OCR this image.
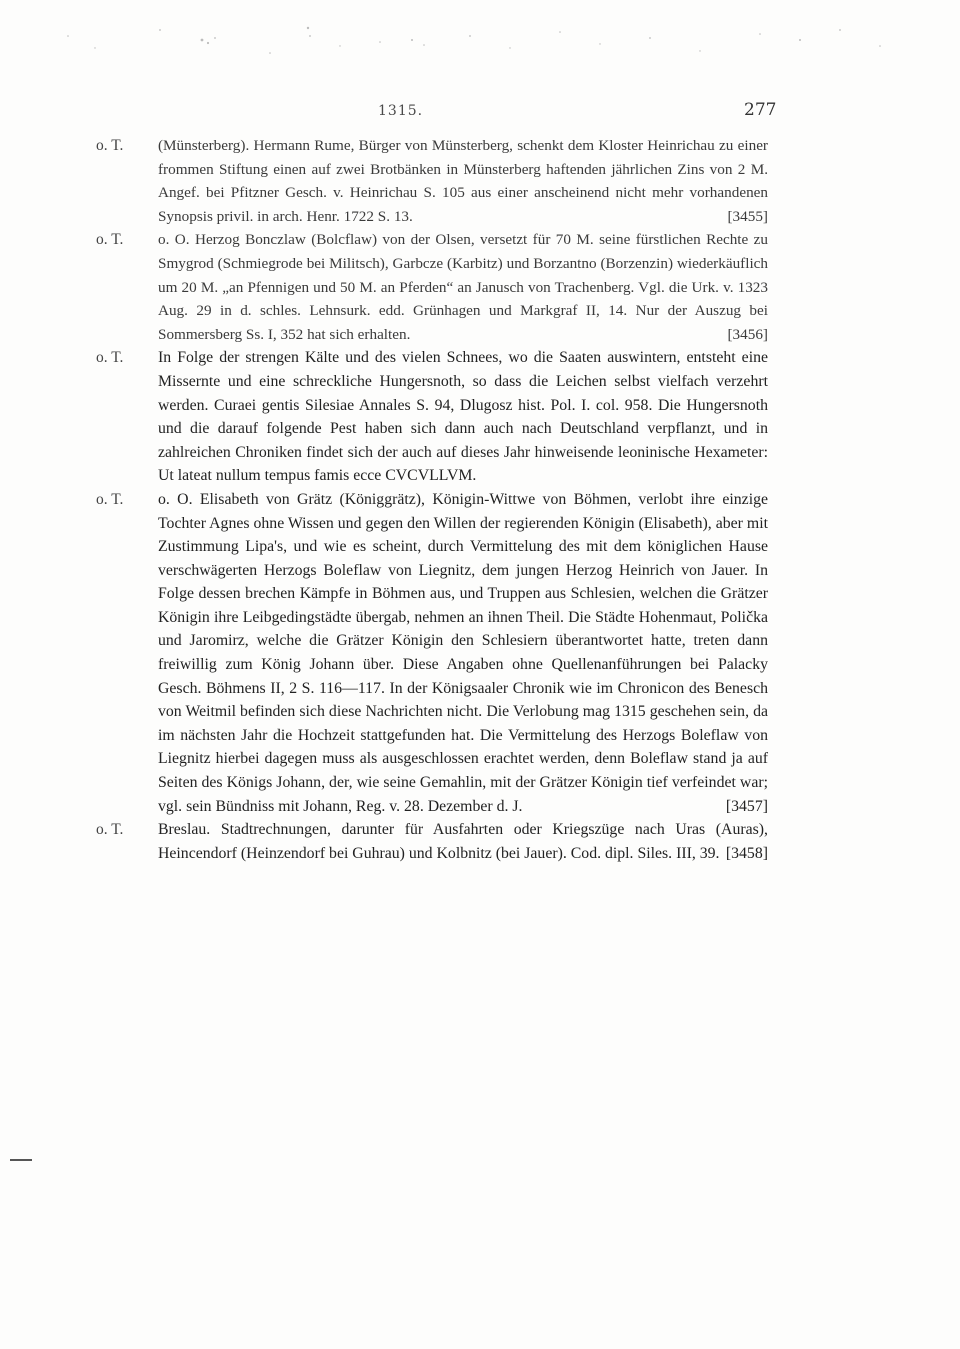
1315.	277
o. T. (Münsterberg). Hermann Rume, Bürger von Münsterberg, schenkt dem Kloster Heinrichau zu einer frommen Stiftung einen auf zwei Brotbänken in Münsterberg haftenden jährlichen Zins von 2 M. Angef. bei Pfitzner Gesch. v. Heinrichau S. 105 aus einer anscheinend nicht mehr vorhandenen Synopsis privil. in arch. Henr. 1722 S. 13.	[3455]
o. T. o. O. Herzog Bonczlaw (Bolcflaw) von der Olsen, versetzt für 70 M. seine fürstlichen Rechte zu Smygrod (Schmiegrode bei Militsch), Garbcze (Karbitz) und Borzantno (Borzenzin) wiederkäuflich um 20 M. „an Pfennigen und 50 M. an Pferden“ an Janusch von Trachenberg. Vgl. die Urk. v. 1323 Aug. 29 in d. schles. Lehnsurk. edd. Grünhagen und Markgraf II, 14. Nur der Auszug bei Sommersberg Ss. I, 352 hat sich erhalten.	[3456]
o. T. In Folge der strengen Kälte und des vielen Schnees, wo die Saaten auswintern, entsteht eine Missernte und eine schreckliche Hungersnoth, so dass die Leichen selbst vielfach verzehrt werden. Curaei gentis Silesiae Annales S. 94, Dlugosz hist. Pol. I. col. 958. Die Hungersnoth und die darauf folgende Pest haben sich dann auch nach Deutschland verpflanzt, und in zahlreichen Chroniken findet sich der auch auf dieses Jahr hinweisende leoninische Hexameter: Ut lateat nullum tempus famis ecce CVCVLLVM.
o. T. o. O. Elisabeth von Grätz (Königgrätz), Königin-Wittwe von Böhmen, verlobt ihre einzige Tochter Agnes ohne Wissen und gegen den Willen der regierenden Königin (Elisabeth), aber mit Zustimmung Lipa's, und wie es scheint, durch Vermittelung des mit dem königlichen Hause verschwägerten Herzogs Boleflaw von Liegnitz, dem jungen Herzog Heinrich von Jauer. In Folge dessen brechen Kämpfe in Böhmen aus, und Truppen aus Schlesien, welchen die Grätzer Königin ihre Leibgedingstädte übergab, nehmen an ihnen Theil. Die Städte Hohenmaut, Polička und Jaromirz, welche die Grätzer Königin den Schlesiern überantwortet hatte, treten dann freiwillig zum König Johann über. Diese Angaben ohne Quellenanführungen bei Palacky Gesch. Böhmens II, 2 S. 116—117. In der Königsaaler Chronik wie im Chronicon des Benesch von Weitmil befinden sich diese Nachrichten nicht. Die Verlobung mag 1315 geschehen sein, da im nächsten Jahr die Hochzeit stattgefunden hat. Die Vermittelung des Herzogs Boleflaw von Liegnitz hierbei dagegen muss als ausgeschlossen erachtet werden, denn Boleflaw stand ja auf Seiten des Königs Johann, der, wie seine Gemahlin, mit der Grätzer Königin tief verfeindet war; vgl. sein Bündniss mit Johann, Reg. v. 28. Dezember d. J.	[3457]
o. T. Breslau. Stadtrechnungen, darunter für Ausfahrten oder Kriegszüge nach Uras (Auras), Heincendorf (Heinzendorf bei Guhrau) und Kolbnitz (bei Jauer). Cod. dipl. Siles. III, 39. [3458]
